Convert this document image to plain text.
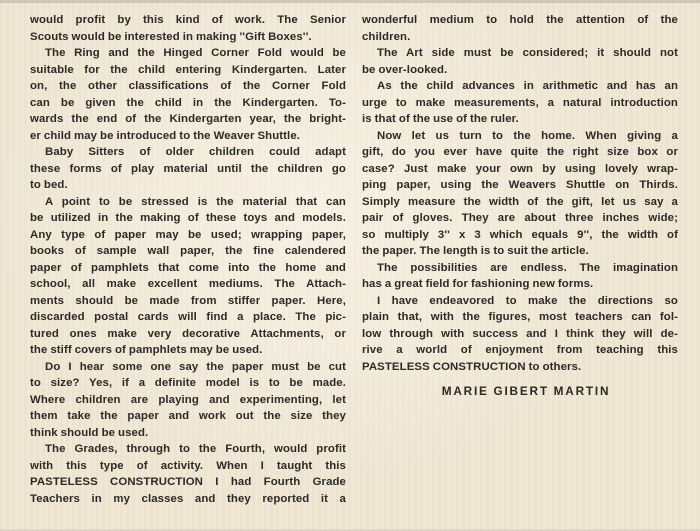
would profit by this kind of work. The Senior
Scouts would be interested in making ''Gift Boxes''.
The Ring and the Hinged Corner Fold would be
suitable for the child entering Kindergarten. Later
on, the other classifications of the Corner Fold
can be given the child in the Kindergarten. To-
wards the end of the Kindergarten year, the bright-
er child may be introduced to the Weaver Shuttle.
Baby Sitters of older children could adapt
these forms of play material until the children go
to bed.
A point to be stressed is the material that can
be utilized in the making of these toys and models.
Any type of paper may be used; wrapping paper,
books of sample wall paper, the fine calendered
paper of pamphlets that come into the home and
school, all make excellent mediums. The Attach-
ments should be made from stiffer paper. Here,
discarded postal cards will find a place. The pic-
tured ones make very decorative Attachments, or
the stiff covers of pamphlets may be used.
Do I hear some one say the paper must be cut
to size? Yes, if a definite model is to be made.
Where children are playing and experimenting, let
them take the paper and work out the size they
think should be used.
The Grades, through to the Fourth, would profit
with this type of activity. When I taught this
PASTELESS CONSTRUCTION I had Fourth Grade
Teachers in my classes and they reported it a
wonderful medium to hold the attention of the
children.
The Art side must be considered; it should not
be over-looked.
As the child advances in arithmetic and has an
urge to make measurements, a natural introduction
is that of the use of the ruler.
Now let us turn to the home. When giving a
gift, do you ever have quite the right size box or
case? Just make your own by using lovely wrap-
ping paper, using the Weavers Shuttle on Thirds.
Simply measure the width of the gift, let us say a
pair of gloves. They are about three inches wide;
so multiply 3'' x 3 which equals 9'', the width of
the paper. The length is to suit the article.
The possibilities are endless. The imagination
has a great field for fashioning new forms.
I have endeavored to make the directions so
plain that, with the figures, most teachers can fol-
low through with success and I think they will de-
rive a world of enjoyment from teaching this
PASTELESS CONSTRUCTION to others.
MARIE GIBERT MARTIN
